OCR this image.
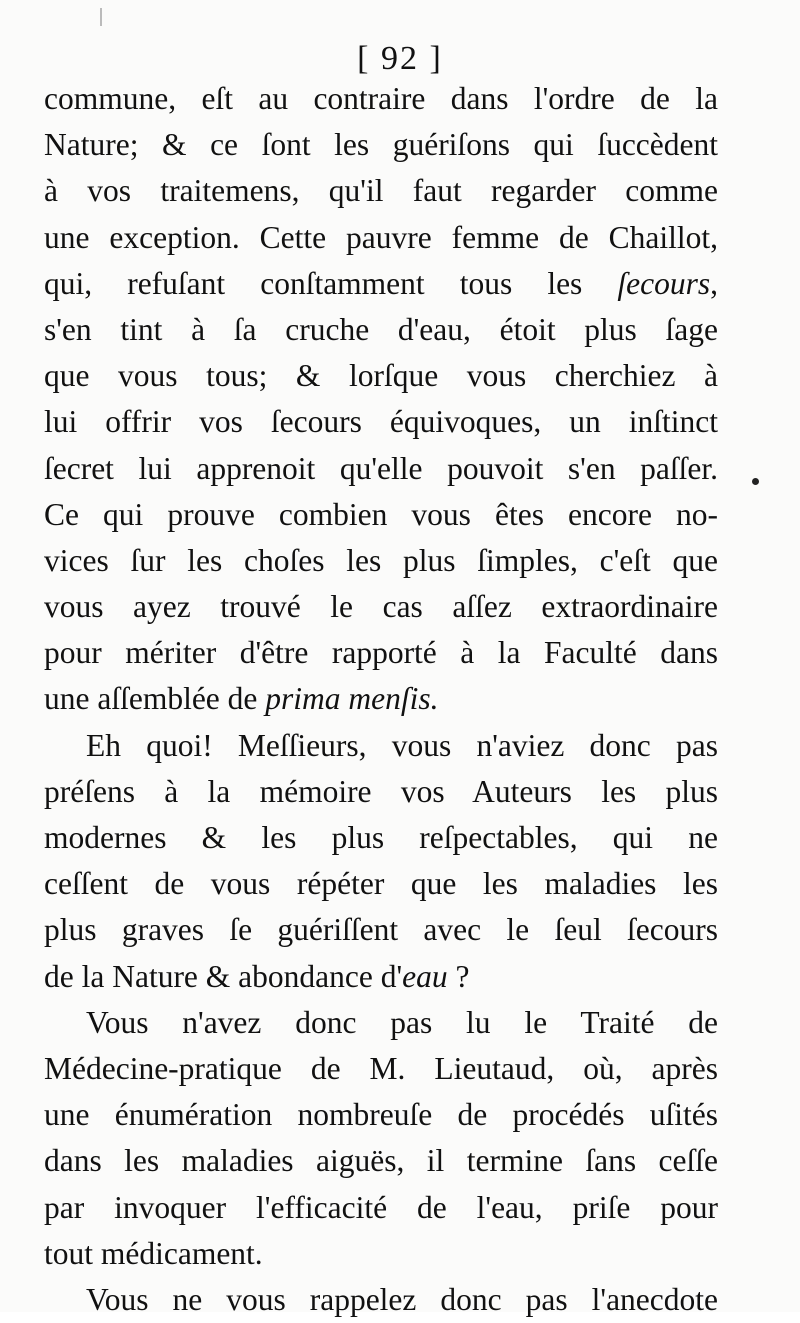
[ 92 ]
commune, eſt au contraire dans l'ordre de la
Nature; & ce ſont les guériſons qui ſuccèdent
à vos traitemens, qu'il faut regarder comme
une exception. Cette pauvre femme de Chaillot,
qui, refuſant conſtamment tous les ſecours,
s'en tint à ſa cruche d'eau, étoit plus ſage
que vous tous; & lorſque vous cherchiez à
lui offrir vos ſecours équivoques, un inſtinct
ſecret lui apprenoit qu'elle pouvoit s'en paſſer.
Ce qui prouve combien vous êtes encore no-
vices ſur les choſes les plus ſimples, c'eſt que
vous ayez trouvé le cas aſſez extraordinaire
pour mériter d'être rapporté à la Faculté dans
une aſſemblée de prima menſis.
Eh quoi! Meſſieurs, vous n'aviez donc pas
préſens à la mémoire vos Auteurs les plus
modernes & les plus reſpectables, qui ne
ceſſent de vous répéter que les maladies les
plus graves ſe guériſſent avec le ſeul ſecours
de la Nature & abondance d'eau ?
Vous n'avez donc pas lu le Traité de
Médecine-pratique de M. Lieutaud, où, après
une énumération nombreuſe de procédés uſités
dans les maladies aiguës, il termine ſans ceſſe
par invoquer l'efficacité de l'eau, priſe pour
tout médicament.
Vous ne vous rappelez donc pas l'anecdote
